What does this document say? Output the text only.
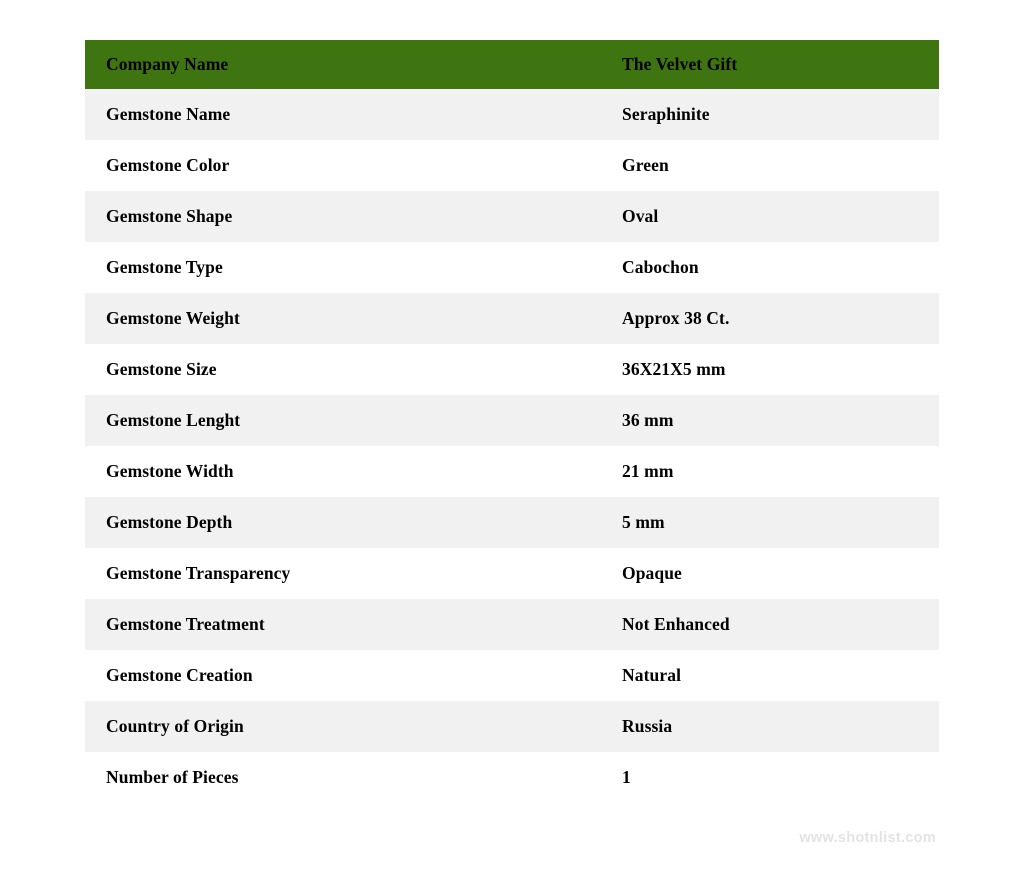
Company Name	The Velvet Gift
Gemstone Name	Seraphinite
Gemstone Color	Green
Gemstone Shape	Oval
Gemstone Type	Cabochon
Gemstone Weight	Approx 38 Ct.
Gemstone Size	36X21X5 mm
Gemstone Lenght	36 mm
Gemstone Width	21 mm
Gemstone Depth	5 mm
Gemstone Transparency	Opaque
Gemstone Treatment	Not Enhanced
Gemstone Creation	Natural
Country of Origin	Russia
Number of Pieces	1
www.shotnlist.com
